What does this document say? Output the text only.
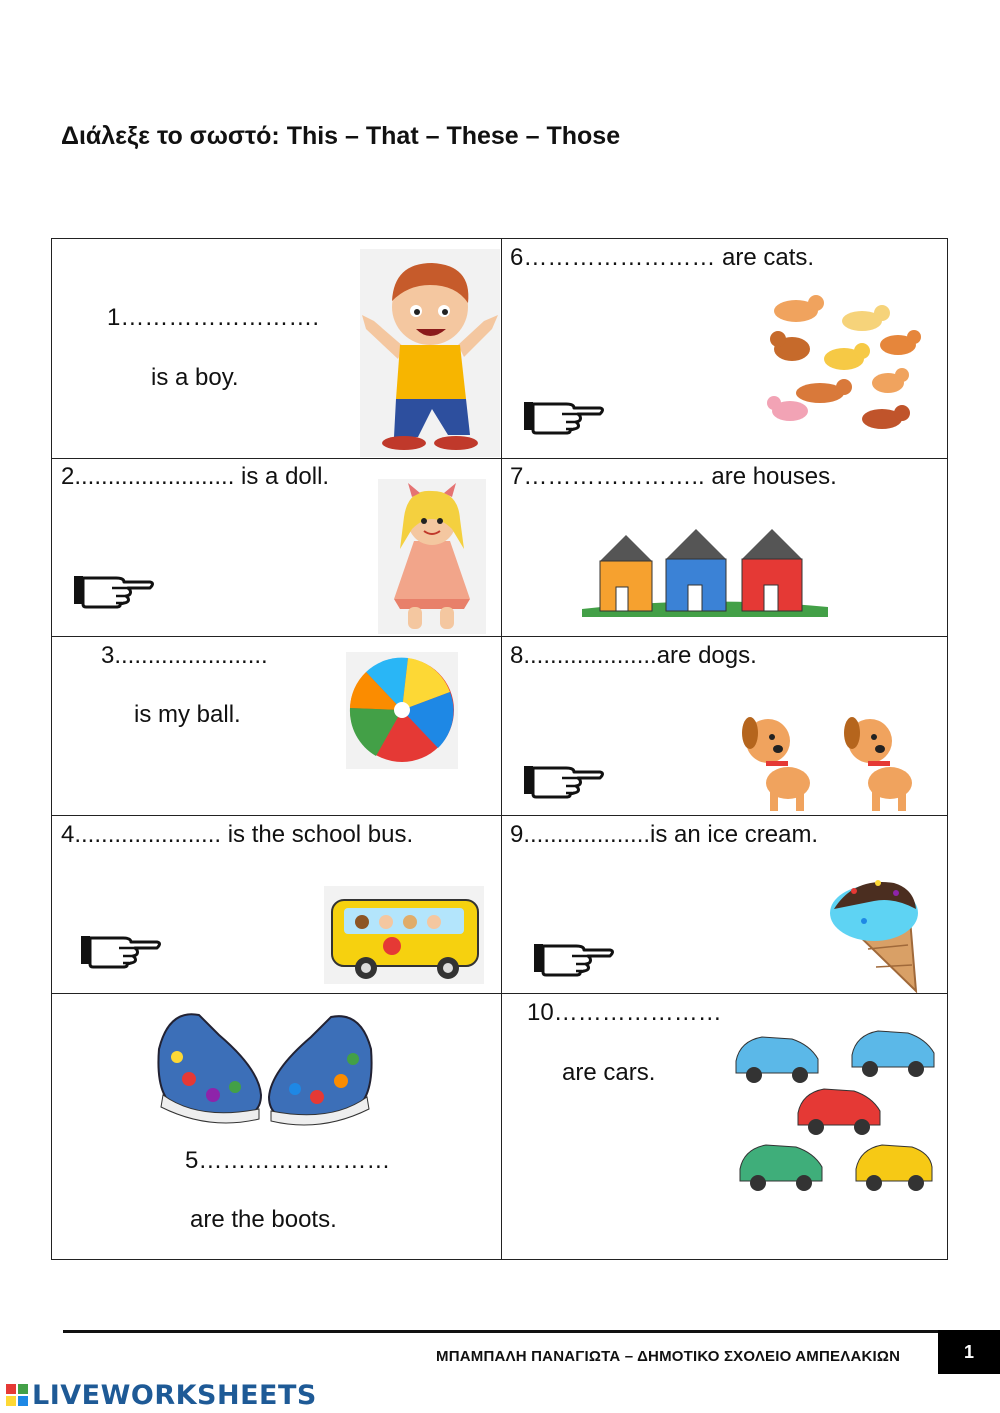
Διάλεξε το σωστό: This – That – These – Those
1…………………….
is a boy.
2........................ is a doll.
3.......................
is my ball.
4...................... is the school bus.
5……………………
are the boots.
6…………………… are cats.
7………………….. are houses.
8....................are dogs.
9...................is an ice cream.
10…………………
are cars.
ΜΠΑΜΠΑΛΗ ΠΑΝΑΓΙΩΤΑ – ΔΗΜΟΤΙΚΟ ΣΧΟΛΕΙΟ ΑΜΠΕΛΑΚΙΩΝ	1
LIVEWORKSHEETS
